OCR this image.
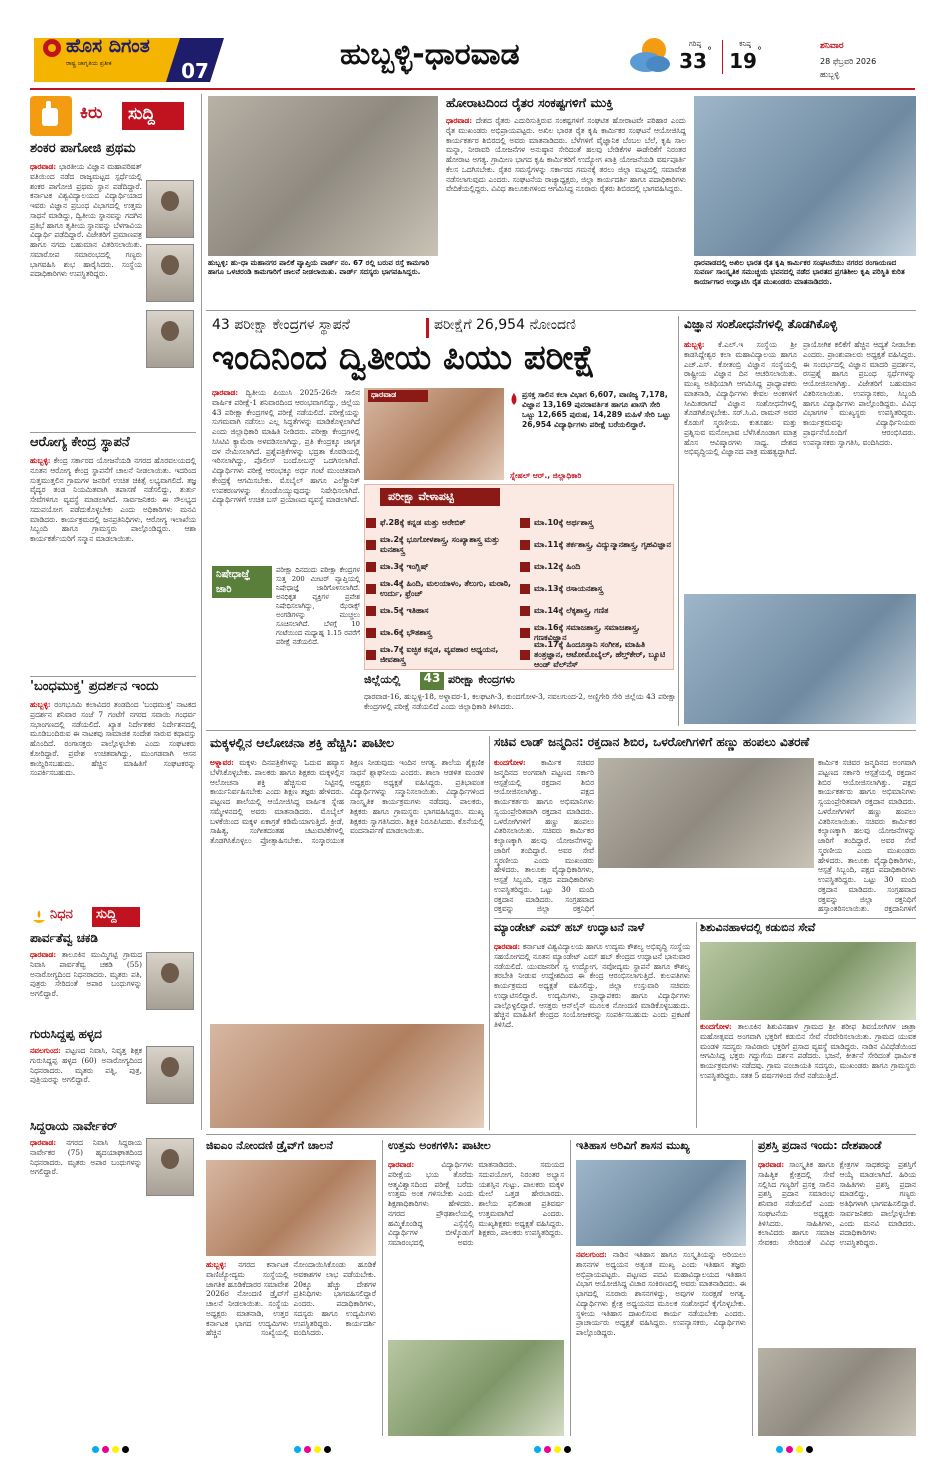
ಹೊಸ ದಿಗಂತ
ರಾಷ್ಟ್ರ ಜಾಗೃತಿಯ ಪ್ರತೀಕ	07	ಹುಬ್ಬಳ್ಳಿ-ಧಾರವಾಡ	ಗರಿಷ್ಠ
33 °
ಕನಿಷ್ಠ
19 °	ಶನಿವಾರ
28 ಫೆಬ್ರವರಿ 2026
ಹುಬ್ಬಳ್ಳಿ
ಕಿರು	ಸುದ್ದಿ
ಶಂಕರ ಪಾಗೋಜಿ ಪ್ರಥಮ
ಧಾರವಾಡ: ಭಾರತೀಯ ವಿಜ್ಞಾನ ಮಹಾಪರಿಷತ್ ವತಿಯಿಂದ ನಡೆದ ರಾಜ್ಯಮಟ್ಟದ ಸ್ಪರ್ಧೆಯಲ್ಲಿ ಶಂಕರ ಪಾಗೋಜಿ ಪ್ರಥಮ ಸ್ಥಾನ ಪಡೆದಿದ್ದಾರೆ. ಕರ್ನಾಟಕ ವಿಶ್ವವಿದ್ಯಾಲಯದ ವಿದ್ಯಾರ್ಥಿಯಾದ ಇವರು ವಿಜ್ಞಾನ ಪ್ರಬಂಧ ವಿಭಾಗದಲ್ಲಿ ಉತ್ತಮ ಸಾಧನೆ ಮಾಡಿದ್ದು, ದ್ವಿತೀಯ ಸ್ಥಾನವನ್ನು ಗದಗಿನ ಪ್ರತಿಭೆ ಹಾಗೂ ತೃತೀಯ ಸ್ಥಾನವನ್ನು ಬೆಳಗಾವಿಯ ವಿದ್ಯಾರ್ಥಿ ಪಡೆದಿದ್ದಾರೆ. ವಿಜೇತರಿಗೆ ಪ್ರಮಾಣಪತ್ರ ಹಾಗೂ ನಗದು ಬಹುಮಾನ ವಿತರಿಸಲಾಯಿತು. ಸಮಾರೋಪ ಸಮಾರಂಭದಲ್ಲಿ ಗಣ್ಯರು ಭಾಗವಹಿಸಿ ಶುಭ ಹಾರೈಸಿದರು. ಸಂಸ್ಥೆಯ ಪದಾಧಿಕಾರಿಗಳು ಉಪಸ್ಥಿತರಿದ್ದರು.
ಆರೋಗ್ಯ ಕೇಂದ್ರ ಸ್ಥಾಪನೆ
ಹುಬ್ಬಳ್ಳಿ: ಕೇಂದ್ರ ಸರ್ಕಾರದ ಯೋಜನೆಯಡಿ ನಗರದ ಹೊರವಲಯದಲ್ಲಿ ನೂತನ ಆರೋಗ್ಯ ಕೇಂದ್ರ ಸ್ಥಾಪನೆಗೆ ಚಾಲನೆ ನೀಡಲಾಯಿತು. ಇದರಿಂದ ಸುತ್ತಮುತ್ತಲಿನ ಗ್ರಾಮಗಳ ಜನರಿಗೆ ಉಚಿತ ಚಿಕಿತ್ಸೆ ಲಭ್ಯವಾಗಲಿದೆ. ತಜ್ಞ ವೈದ್ಯರ ತಂಡ ನಿಯಮಿತವಾಗಿ ತಪಾಸಣೆ ನಡೆಸಲಿದ್ದು, ತುರ್ತು ಸೇವೆಗಳಿಗೂ ವ್ಯವಸ್ಥೆ ಮಾಡಲಾಗಿದೆ. ಸಾರ್ವಜನಿಕರು ಈ ಸೌಲಭ್ಯದ ಸದುಪಯೋಗ ಪಡೆದುಕೊಳ್ಳಬೇಕು ಎಂದು ಅಧಿಕಾರಿಗಳು ಮನವಿ ಮಾಡಿದರು. ಕಾರ್ಯಕ್ರಮದಲ್ಲಿ ಜನಪ್ರತಿನಿಧಿಗಳು, ಆರೋಗ್ಯ ಇಲಾಖೆಯ ಸಿಬ್ಬಂದಿ ಹಾಗೂ ಗ್ರಾಮಸ್ಥರು ಪಾಲ್ಗೊಂಡಿದ್ದರು. ಆಶಾ ಕಾರ್ಯಕರ್ತೆಯರಿಗೆ ಸನ್ಮಾನ ಮಾಡಲಾಯಿತು.
'ಬಂಧಮುಕ್ತ' ಪ್ರದರ್ಶನ ಇಂದು
ಹುಬ್ಬಳ್ಳಿ: ರಂಗಭೂಮಿ ಕಲಾವಿದರ ತಂಡದಿಂದ 'ಬಂಧಮುಕ್ತ' ನಾಟಕದ ಪ್ರದರ್ಶನ ಶನಿವಾರ ಸಂಜೆ 7 ಗಂಟೆಗೆ ನಗರದ ಸವಾಯಿ ಗಂಧರ್ವ ಸಭಾಂಗಣದಲ್ಲಿ ನಡೆಯಲಿದೆ. ಖ್ಯಾತ ನಿರ್ದೇಶಕರ ನಿರ್ದೇಶನದಲ್ಲಿ ಮೂಡಿಬಂದಿರುವ ಈ ನಾಟಕವು ಸಾಮಾಜಿಕ ಸಂದೇಶ ಸಾರುವ ಕಥಾವಸ್ತು ಹೊಂದಿದೆ. ರಂಗಾಸಕ್ತರು ಪಾಲ್ಗೊಳ್ಳಬೇಕು ಎಂದು ಸಂಘಟಕರು ಕೋರಿದ್ದಾರೆ. ಪ್ರವೇಶ ಉಚಿತವಾಗಿದ್ದು, ಮುಂಗಡವಾಗಿ ಆಸನ ಕಾಯ್ದಿರಿಸಬಹುದು. ಹೆಚ್ಚಿನ ಮಾಹಿತಿಗೆ ಸಂಘಟಕರನ್ನು ಸಂಪರ್ಕಿಸಬಹುದು.
ನಿಧನ	ಸುದ್ದಿ
ಪಾರ್ವತೆವ್ವ ಚಕಡಿ
ಧಾರವಾಡ: ತಾಲೂಕಿನ ಮುಮ್ಮಿಗಟ್ಟಿ ಗ್ರಾಮದ ನಿವಾಸಿ ಪಾರ್ವತೆವ್ವ ಚಕಡಿ (55) ಅನಾರೋಗ್ಯದಿಂದ ನಿಧನರಾದರು. ಮೃತರು ಪತಿ, ಪುತ್ರರು ಸೇರಿದಂತೆ ಅಪಾರ ಬಂಧುಗಳನ್ನು ಅಗಲಿದ್ದಾರೆ.
ಗುರುಸಿದ್ದಪ್ಪ ಹಳ್ಳದ
ನವಲಗುಂದ: ಪಟ್ಟಣದ ನಿವಾಸಿ, ನಿವೃತ್ತ ಶಿಕ್ಷಕ ಗುರುಸಿದ್ದಪ್ಪ ಹಳ್ಳದ (60) ಅನಾರೋಗ್ಯದಿಂದ ನಿಧನರಾದರು. ಮೃತರು ಪತ್ನಿ, ಪುತ್ರ, ಪುತ್ರಿಯರನ್ನು ಅಗಲಿದ್ದಾರೆ.
ಸಿದ್ದರಾಯ ನಾರ್ವೇಕರ್
ಧಾರವಾಡ: ನಗರದ ನಿವಾಸಿ ಸಿದ್ದರಾಯ ನಾರ್ವೇಕರ (75) ಹೃದಯಾಘಾತದಿಂದ ನಿಧನರಾದರು. ಮೃತರು ಅಪಾರ ಬಂಧುಗಳನ್ನು ಅಗಲಿದ್ದಾರೆ.
ಹುಬ್ಬಳ್ಳಿ: ಹು-ಧಾ ಮಹಾನಗರ ಪಾಲಿಕೆ ವ್ಯಾಪ್ತಿಯ ವಾರ್ಡ್ ನಂ. 67 ರಲ್ಲಿ ಬರುವ ರಸ್ತೆ ಕಾಮಗಾರಿ ಹಾಗೂ ಒಳಚರಂಡಿ ಕಾಮಗಾರಿಗೆ ಚಾಲನೆ ನೀಡಲಾಯಿತು. ವಾರ್ಡ್ ಸದಸ್ಯರು ಭಾಗವಹಿಸಿದ್ದರು.
ಹೋರಾಟದಿಂದ ರೈತರ ಸಂಕಷ್ಟಗಳಿಗೆ ಮುಕ್ತಿ
ಧಾರವಾಡ: ದೇಶದ ರೈತರು ಎದುರಿಸುತ್ತಿರುವ ಸಂಕಷ್ಟಗಳಿಗೆ ಸಂಘಟಿತ ಹೋರಾಟವೇ ಪರಿಹಾರ ಎಂದು ರೈತ ಮುಖಂಡರು ಅಭಿಪ್ರಾಯಪಟ್ಟರು. ಅಖಿಲ ಭಾರತ ರೈತ ಕೃಷಿ ಕಾರ್ಮಿಕರ ಸಂಘಟನೆ ಆಯೋಜಿಸಿದ್ದ ಕಾರ್ಯಕರ್ತರ ಶಿಬಿರದಲ್ಲಿ ಅವರು ಮಾತನಾಡಿದರು. ಬೆಳೆಗಳಿಗೆ ವೈಜ್ಞಾನಿಕ ಬೆಂಬಲ ಬೆಲೆ, ಕೃಷಿ ಸಾಲ ಮನ್ನಾ, ನೀರಾವರಿ ಯೋಜನೆಗಳ ಅನುಷ್ಠಾನ ಸೇರಿದಂತೆ ಹಲವು ಬೇಡಿಕೆಗಳ ಈಡೇರಿಕೆಗೆ ನಿರಂತರ ಹೋರಾಟ ಅಗತ್ಯ. ಗ್ರಾಮೀಣ ಭಾಗದ ಕೃಷಿ ಕಾರ್ಮಿಕರಿಗೆ ಉದ್ಯೋಗ ಖಾತ್ರಿ ಯೋಜನೆಯಡಿ ವರ್ಷಪೂರ್ತಿ ಕೆಲಸ ಒದಗಿಸಬೇಕು. ರೈತರ ಸಮಸ್ಯೆಗಳನ್ನು ಸರ್ಕಾರದ ಗಮನಕ್ಕೆ ತರಲು ಜಿಲ್ಲಾ ಮಟ್ಟದಲ್ಲಿ ಸಮಾವೇಶ ನಡೆಸಲಾಗುವುದು ಎಂದರು. ಸಂಘಟನೆಯ ರಾಜ್ಯಾಧ್ಯಕ್ಷರು, ಜಿಲ್ಲಾ ಕಾರ್ಯದರ್ಶಿ ಹಾಗೂ ಪದಾಧಿಕಾರಿಗಳು ವೇದಿಕೆಯಲ್ಲಿದ್ದರು. ವಿವಿಧ ತಾಲೂಕುಗಳಿಂದ ಆಗಮಿಸಿದ್ದ ನೂರಾರು ರೈತರು ಶಿಬಿರದಲ್ಲಿ ಭಾಗವಹಿಸಿದ್ದರು.
ಧಾರವಾಡದಲ್ಲಿ ಅಖಿಲ ಭಾರತ ರೈತ ಕೃಷಿ ಕಾರ್ಮಿಕರ ಸಂಘಟನೆಯು ನಗರದ ರಂಗಾಯಣದ ಸುವರ್ಣ ಸಾಂಸ್ಕೃತಿಕ ಸಮುಚ್ಚಯ ಭವನದಲ್ಲಿ ನಡೆದ ಭಾರತದ ಪ್ರಗತಿಶೀಲ ಕೃಷಿ ಪರಿಸ್ಥಿತಿ ಕುರಿತ ಕಾರ್ಯಾಗಾರ ಉದ್ಘಾಟಿಸಿ ರೈತ ಮುಖಂಡರು ಮಾತನಾಡಿದರು.
43 ಪರೀಕ್ಷಾ ಕೇಂದ್ರಗಳ ಸ್ಥಾಪನೆ	ಪರೀಕ್ಷೆಗೆ 26,954 ನೋಂದಣಿ
ಇಂದಿನಿಂದ ದ್ವಿತೀಯ ಪಿಯು ಪರೀಕ್ಷೆ
ಧಾರವಾಡ: ದ್ವಿತೀಯ ಪಿಯುಸಿ 2025-26ನೇ ಸಾಲಿನ ವಾರ್ಷಿಕ ಪರೀಕ್ಷೆ-1 ಶನಿವಾರದಿಂದ ಆರಂಭವಾಗಲಿದ್ದು, ಜಿಲ್ಲೆಯ 43 ಪರೀಕ್ಷಾ ಕೇಂದ್ರಗಳಲ್ಲಿ ಪರೀಕ್ಷೆ ನಡೆಯಲಿದೆ. ಪರೀಕ್ಷೆಯನ್ನು ಸುಗಮವಾಗಿ ನಡೆಸಲು ಎಲ್ಲ ಸಿದ್ಧತೆಗಳನ್ನು ಮಾಡಿಕೊಳ್ಳಲಾಗಿದೆ ಎಂದು ಜಿಲ್ಲಾಧಿಕಾರಿ ಮಾಹಿತಿ ನೀಡಿದರು. ಪರೀಕ್ಷಾ ಕೇಂದ್ರಗಳಲ್ಲಿ ಸಿಸಿಟಿವಿ ಕ್ಯಾಮೆರಾ ಅಳವಡಿಸಲಾಗಿದ್ದು, ಪ್ರತಿ ಕೇಂದ್ರಕ್ಕೂ ಜಾಗೃತ ದಳ ನೇಮಿಸಲಾಗಿದೆ. ಪ್ರಶ್ನೆಪತ್ರಿಕೆಗಳನ್ನು ಭದ್ರತಾ ಕೊಠಡಿಯಲ್ಲಿ ಇರಿಸಲಾಗಿದ್ದು, ಪೊಲೀಸ್ ಬಂದೋಬಸ್ತ್ ಒದಗಿಸಲಾಗಿದೆ. ವಿದ್ಯಾರ್ಥಿಗಳು ಪರೀಕ್ಷೆ ಆರಂಭಕ್ಕೂ ಅರ್ಧ ಗಂಟೆ ಮುಂಚಿತವಾಗಿ ಕೇಂದ್ರಕ್ಕೆ ಆಗಮಿಸಬೇಕು. ಮೊಬೈಲ್ ಹಾಗೂ ಎಲೆಕ್ಟ್ರಾನಿಕ್ ಉಪಕರಣಗಳನ್ನು ಕೊಂಡೊಯ್ಯುವುದನ್ನು ನಿಷೇಧಿಸಲಾಗಿದೆ. ವಿದ್ಯಾರ್ಥಿಗಳಿಗೆ ಉಚಿತ ಬಸ್ ಪ್ರಯಾಣದ ವ್ಯವಸ್ಥೆ ಮಾಡಲಾಗಿದೆ.
ಧಾರವಾಡ	ಪ್ರಸಕ್ತ ಸಾಲಿನ ಕಲಾ ವಿಭಾಗ 6,607, ವಾಣಿಜ್ಯ 7,178, ವಿಜ್ಞಾನ 13,169 ಪುನರಾವರ್ತಿತ ಹಾಗೂ ಖಾಸಗಿ ಸೇರಿ ಒಟ್ಟು 12,665 ಪುರುಷ, 14,289 ಮಹಿಳೆ ಸೇರಿ ಒಟ್ಟು 26,954 ವಿದ್ಯಾರ್ಥಿಗಳು ಪರೀಕ್ಷೆ ಬರೆಯಲಿದ್ದಾರೆ.
ಸ್ನೇಹಲ್ ಆರ್., ಜಿಲ್ಲಾಧಿಕಾರಿ
ಪರೀಕ್ಷಾ ವೇಳಾಪಟ್ಟಿ
ಫೆ.28ಕ್ಕೆ ಕನ್ನಡ ಮತ್ತು ಅರೇಬಿಕ್
ಮಾ.2ಕ್ಕೆ ಭೂಗೋಳಶಾಸ್ತ್ರ, ಸಂಖ್ಯಾಶಾಸ್ತ್ರ ಮತ್ತು ಮನಶಾಸ್ತ್ರ
ಮಾ.3ಕ್ಕೆ ಇಂಗ್ಲಿಷ್
ಮಾ.4ಕ್ಕೆ ಹಿಂದಿ, ಮಲಯಾಳಂ, ತೆಲುಗು, ಮರಾಠಿ, ಉರ್ದು, ಫ್ರೆಂಚ್
ಮಾ.5ಕ್ಕೆ ಇತಿಹಾಸ
ಮಾ.6ಕ್ಕೆ ಭೌತಶಾಸ್ತ್ರ
ಮಾ.7ಕ್ಕೆ ಐಚ್ಛಿಕ ಕನ್ನಡ, ವ್ಯವಹಾರ ಅಧ್ಯಯನ, ಜೀವಶಾಸ್ತ್ರ
ಮಾ.10ಕ್ಕೆ ಅರ್ಥಶಾಸ್ತ್ರ
ಮಾ.11ಕ್ಕೆ ತರ್ಕಶಾಸ್ತ್ರ, ವಿದ್ಯುನ್ಮಾನಶಾಸ್ತ್ರ, ಗೃಹವಿಜ್ಞಾನ
ಮಾ.12ಕ್ಕೆ ಹಿಂದಿ
ಮಾ.13ಕ್ಕೆ ರಸಾಯನಶಾಸ್ತ್ರ
ಮಾ.14ಕ್ಕೆ ಲೆಕ್ಕಶಾಸ್ತ್ರ, ಗಣಿತ
ಮಾ.16ಕ್ಕೆ ಸಮಾಜಶಾಸ್ತ್ರ, ಸಮಾಜಶಾಸ್ತ್ರ, ಗಣಕವಿಜ್ಞಾನ
ಮಾ.17ಕ್ಕೆ ಹಿಂದೂಸ್ತಾನಿ ಸಂಗೀತ, ಮಾಹಿತಿ ತಂತ್ರಜ್ಞಾನ, ಆಟೋಮೊಬೈಲ್, ಹೆಲ್ತ್‌ಕೇರ್, ಬ್ಯೂಟಿ ಆಂಡ್ ವೆಲ್‌ನೆಸ್
ನಿಷೇಧಾಜ್ಞೆ
ಜಾರಿ
ಪರೀಕ್ಷಾ ದಿನದಂದು ಪರೀಕ್ಷಾ ಕೇಂದ್ರಗಳ ಸುತ್ತ 200 ಮೀಟರ್ ವ್ಯಾಪ್ತಿಯಲ್ಲಿ ನಿಷೇಧಾಜ್ಞೆ ಜಾರಿಗೊಳಿಸಲಾಗಿದೆ. ಅನಧಿಕೃತ ವ್ಯಕ್ತಿಗಳ ಪ್ರವೇಶ ನಿಷೇಧಿಸಲಾಗಿದ್ದು, ಝೆರಾಕ್ಸ್ ಅಂಗಡಿಗಳನ್ನು ಮುಚ್ಚಲು ಸೂಚಿಸಲಾಗಿದೆ. ಬೆಳಗ್ಗೆ 10 ಗಂಟೆಯಿಂದ ಮಧ್ಯಾಹ್ನ 1.15 ರವರೆಗೆ ಪರೀಕ್ಷೆ ನಡೆಯಲಿದೆ.
ಜಿಲ್ಲೆಯಲ್ಲಿ	43 ಪರೀಕ್ಷಾ ಕೇಂದ್ರಗಳು
ಧಾರವಾಡ-16, ಹುಬ್ಬಳ್ಳಿ-18, ಅಳ್ನಾವರ-1, ಕಲಘಟಗಿ-3, ಕುಂದಗೋಳ-3, ನವಲಗುಂದ-2, ಅಣ್ಣಿಗೇರಿ ಸೇರಿ ಜಿಲ್ಲೆಯ 43 ಪರೀಕ್ಷಾ ಕೇಂದ್ರಗಳಲ್ಲಿ ಪರೀಕ್ಷೆ ನಡೆಯಲಿದೆ ಎಂದು ಜಿಲ್ಲಾಧಿಕಾರಿ ತಿಳಿಸಿದರು.
ವಿಜ್ಞಾನ ಸಂಶೋಧನೆಗಳಲ್ಲಿ ತೊಡಗಿಕೊಳ್ಳಿ
ಹುಬ್ಬಳ್ಳಿ: ಕೆ.ಎಲ್.ಇ ಸಂಸ್ಥೆಯ ಶ್ರೀ ಕಾಡಸಿದ್ದೇಶ್ವರ ಕಲಾ ಮಹಾವಿದ್ಯಾಲಯ ಹಾಗೂ ಎಚ್.ಎಸ್. ಕೋತಂಬ್ರಿ ವಿಜ್ಞಾನ ಸಂಸ್ಥೆಯಲ್ಲಿ ರಾಷ್ಟ್ರೀಯ ವಿಜ್ಞಾನ ದಿನ ಆಚರಿಸಲಾಯಿತು. ಮುಖ್ಯ ಅತಿಥಿಯಾಗಿ ಆಗಮಿಸಿದ್ದ ಪ್ರಾಧ್ಯಾಪಕರು ಮಾತನಾಡಿ, ವಿದ್ಯಾರ್ಥಿಗಳು ಕೇವಲ ಅಂಕಗಳಿಗೆ ಸೀಮಿತರಾಗದೆ ವಿಜ್ಞಾನ ಸಂಶೋಧನೆಗಳಲ್ಲಿ ತೊಡಗಿಕೊಳ್ಳಬೇಕು. ಸರ್.ಸಿ.ವಿ. ರಾಮನ್ ಅವರ ಕೊಡುಗೆ ಸ್ಮರಣೀಯ. ಕುತೂಹಲ ಮತ್ತು ಪ್ರಶ್ನಿಸುವ ಮನೋಭಾವ ಬೆಳೆಸಿಕೊಂಡಾಗ ಮಾತ್ರ ಹೊಸ ಆವಿಷ್ಕಾರಗಳು ಸಾಧ್ಯ. ದೇಶದ ಅಭಿವೃದ್ಧಿಯಲ್ಲಿ ವಿಜ್ಞಾನದ ಪಾತ್ರ ಮಹತ್ವದ್ದಾಗಿದೆ. ಪ್ರಾಯೋಗಿಕ ಕಲಿಕೆಗೆ ಹೆಚ್ಚಿನ ಆದ್ಯತೆ ನೀಡಬೇಕು ಎಂದರು. ಪ್ರಾಂಶುಪಾಲರು ಅಧ್ಯಕ್ಷತೆ ವಹಿಸಿದ್ದರು. ಈ ಸಂದರ್ಭದಲ್ಲಿ ವಿಜ್ಞಾನ ಮಾದರಿ ಪ್ರದರ್ಶನ, ರಸಪ್ರಶ್ನೆ ಹಾಗೂ ಪ್ರಬಂಧ ಸ್ಪರ್ಧೆಗಳನ್ನು ಆಯೋಜಿಸಲಾಗಿತ್ತು. ವಿಜೇತರಿಗೆ ಬಹುಮಾನ ವಿತರಿಸಲಾಯಿತು. ಉಪನ್ಯಾಸಕರು, ಸಿಬ್ಬಂದಿ ಹಾಗೂ ವಿದ್ಯಾರ್ಥಿಗಳು ಪಾಲ್ಗೊಂಡಿದ್ದರು. ವಿವಿಧ ವಿಭಾಗಗಳ ಮುಖ್ಯಸ್ಥರು ಉಪಸ್ಥಿತರಿದ್ದರು. ಕಾರ್ಯಕ್ರಮವನ್ನು ವಿದ್ಯಾರ್ಥಿನಿಯರು ಪ್ರಾರ್ಥನೆಯೊಂದಿಗೆ ಆರಂಭಿಸಿದರು. ಉಪನ್ಯಾಸಕರು ಸ್ವಾಗತಿಸಿ, ವಂದಿಸಿದರು.
ಮಕ್ಕಳಲ್ಲಿನ ಆಲೋಚನಾ ಶಕ್ತಿ ಹೆಚ್ಚಿಸಿ: ಪಾಟೀಲ
ಅಳ್ನಾವರ: ಮಕ್ಕಳು ದಿನಪತ್ರಿಕೆಗಳನ್ನು ಓದುವ ಹವ್ಯಾಸ ಬೆಳೆಸಿಕೊಳ್ಳಬೇಕು. ಪಾಲಕರು ಹಾಗೂ ಶಿಕ್ಷಕರು ಮಕ್ಕಳಲ್ಲಿನ ಆಲೋಚನಾ ಶಕ್ತಿ ಹೆಚ್ಚಿಸುವ ನಿಟ್ಟಿನಲ್ಲಿ ಕಾರ್ಯನಿರ್ವಹಿಸಬೇಕು ಎಂದು ಶಿಕ್ಷಣ ತಜ್ಞರು ಹೇಳಿದರು. ಪಟ್ಟಣದ ಶಾಲೆಯಲ್ಲಿ ಆಯೋಜಿಸಿದ್ದ ವಾರ್ಷಿಕ ಸ್ನೇಹ ಸಮ್ಮೇಳನದಲ್ಲಿ ಅವರು ಮಾತನಾಡಿದರು. ಮೊಬೈಲ್ ಬಳಕೆಯಿಂದ ಮಕ್ಕಳ ಏಕಾಗ್ರತೆ ಕಡಿಮೆಯಾಗುತ್ತಿದೆ. ಕ್ರೀಡೆ, ಸಾಹಿತ್ಯ, ಸಂಗೀತದಂತಹ ಚಟುವಟಿಕೆಗಳಲ್ಲಿ ತೊಡಗಿಸಿಕೊಳ್ಳಲು ಪ್ರೋತ್ಸಾಹಿಸಬೇಕು. ಸಂಸ್ಕಾರಯುತ ಶಿಕ್ಷಣ ನೀಡುವುದು ಇಂದಿನ ಅಗತ್ಯ. ಶಾಲೆಯ ಶೈಕ್ಷಣಿಕ ಸಾಧನೆ ಶ್ಲಾಘನೀಯ ಎಂದರು. ಶಾಲಾ ಆಡಳಿತ ಮಂಡಳಿ ಅಧ್ಯಕ್ಷರು ಅಧ್ಯಕ್ಷತೆ ವಹಿಸಿದ್ದರು. ಪ್ರತಿಭಾವಂತ ವಿದ್ಯಾರ್ಥಿಗಳನ್ನು ಸನ್ಮಾನಿಸಲಾಯಿತು. ವಿದ್ಯಾರ್ಥಿಗಳಿಂದ ಸಾಂಸ್ಕೃತಿಕ ಕಾರ್ಯಕ್ರಮಗಳು ನಡೆದವು. ಪಾಲಕರು, ಶಿಕ್ಷಕರು ಹಾಗೂ ಗ್ರಾಮಸ್ಥರು ಭಾಗವಹಿಸಿದ್ದರು. ಮುಖ್ಯ ಶಿಕ್ಷಕರು ಸ್ವಾಗತಿಸಿದರು. ಶಿಕ್ಷಕಿ ನಿರೂಪಿಸಿದರು. ಕೊನೆಯಲ್ಲಿ ವಂದನಾರ್ಪಣೆ ಮಾಡಲಾಯಿತು.
ಸಚಿವ ಲಾಡ್ ಜನ್ಮದಿನ: ರಕ್ತದಾನ ಶಿಬಿರ, ಒಳರೋಗಿಗಳಿಗೆ ಹಣ್ಣು ಹಂಪಲು ವಿತರಣೆ
ಕುಂದಗೋಳ: ಕಾರ್ಮಿಕ ಸಚಿವರ ಜನ್ಮದಿನದ ಅಂಗವಾಗಿ ಪಟ್ಟಣದ ಸರ್ಕಾರಿ ಆಸ್ಪತ್ರೆಯಲ್ಲಿ ರಕ್ತದಾನ ಶಿಬಿರ ಆಯೋಜಿಸಲಾಗಿತ್ತು. ಪಕ್ಷದ ಕಾರ್ಯಕರ್ತರು ಹಾಗೂ ಅಭಿಮಾನಿಗಳು ಸ್ವಯಂಪ್ರೇರಿತವಾಗಿ ರಕ್ತದಾನ ಮಾಡಿದರು. ಒಳರೋಗಿಗಳಿಗೆ ಹಣ್ಣು ಹಂಪಲು ವಿತರಿಸಲಾಯಿತು. ಸಚಿವರು ಕಾರ್ಮಿಕರ ಕಲ್ಯಾಣಕ್ಕಾಗಿ ಹಲವು ಯೋಜನೆಗಳನ್ನು ಜಾರಿಗೆ ತಂದಿದ್ದಾರೆ. ಅವರ ಸೇವೆ ಸ್ಮರಣೀಯ ಎಂದು ಮುಖಂಡರು ಹೇಳಿದರು. ತಾಲೂಕು ವೈದ್ಯಾಧಿಕಾರಿಗಳು, ಆಸ್ಪತ್ರೆ ಸಿಬ್ಬಂದಿ, ಪಕ್ಷದ ಪದಾಧಿಕಾರಿಗಳು ಉಪಸ್ಥಿತರಿದ್ದರು. ಒಟ್ಟು 30 ಮಂದಿ ರಕ್ತದಾನ ಮಾಡಿದರು. ಸಂಗ್ರಹವಾದ ರಕ್ತವನ್ನು ಜಿಲ್ಲಾ ರಕ್ತನಿಧಿಗೆ
ಕಾರ್ಮಿಕ ಸಚಿವರ ಜನ್ಮದಿನದ ಅಂಗವಾಗಿ ಪಟ್ಟಣದ ಸರ್ಕಾರಿ ಆಸ್ಪತ್ರೆಯಲ್ಲಿ ರಕ್ತದಾನ ಶಿಬಿರ ಆಯೋಜಿಸಲಾಗಿತ್ತು. ಪಕ್ಷದ ಕಾರ್ಯಕರ್ತರು ಹಾಗೂ ಅಭಿಮಾನಿಗಳು ಸ್ವಯಂಪ್ರೇರಿತವಾಗಿ ರಕ್ತದಾನ ಮಾಡಿದರು. ಒಳರೋಗಿಗಳಿಗೆ ಹಣ್ಣು ಹಂಪಲು ವಿತರಿಸಲಾಯಿತು. ಸಚಿವರು ಕಾರ್ಮಿಕರ ಕಲ್ಯಾಣಕ್ಕಾಗಿ ಹಲವು ಯೋಜನೆಗಳನ್ನು ಜಾರಿಗೆ ತಂದಿದ್ದಾರೆ. ಅವರ ಸೇವೆ ಸ್ಮರಣೀಯ ಎಂದು ಮುಖಂಡರು ಹೇಳಿದರು. ತಾಲೂಕು ವೈದ್ಯಾಧಿಕಾರಿಗಳು, ಆಸ್ಪತ್ರೆ ಸಿಬ್ಬಂದಿ, ಪಕ್ಷದ ಪದಾಧಿಕಾರಿಗಳು ಉಪಸ್ಥಿತರಿದ್ದರು. ಒಟ್ಟು 30 ಮಂದಿ ರಕ್ತದಾನ ಮಾಡಿದರು. ಸಂಗ್ರಹವಾದ ರಕ್ತವನ್ನು ಜಿಲ್ಲಾ ರಕ್ತನಿಧಿಗೆ ಹಸ್ತಾಂತರಿಸಲಾಯಿತು. ರಕ್ತದಾನಿಗಳಿಗೆ
ಮ್ಯಾಂಡೇಟ್ ಎಮ್ ಹಬ್ ಉದ್ಘಾಟನೆ ನಾಳೆ
ಧಾರವಾಡ: ಕರ್ನಾಟಕ ವಿಶ್ವವಿದ್ಯಾಲಯ ಹಾಗೂ ಉದ್ಯಮ ಕೌಶಲ್ಯ ಅಭಿವೃದ್ಧಿ ಸಂಸ್ಥೆಯ ಸಹಯೋಗದಲ್ಲಿ ನೂತನ ಮ್ಯಾಂಡೇಟ್ ಎಮ್ ಹಬ್ ಕೇಂದ್ರದ ಉದ್ಘಾಟನೆ ಭಾನುವಾರ ನಡೆಯಲಿದೆ. ಯುವಜನರಿಗೆ ಸ್ವ ಉದ್ಯೋಗ, ನವೋದ್ಯಮ ಸ್ಥಾಪನೆ ಹಾಗೂ ಕೌಶಲ್ಯ ತರಬೇತಿ ನೀಡುವ ಉದ್ದೇಶದಿಂದ ಈ ಕೇಂದ್ರ ಆರಂಭಿಸಲಾಗುತ್ತಿದೆ. ಕುಲಪತಿಗಳು ಕಾರ್ಯಕ್ರಮದ ಅಧ್ಯಕ್ಷತೆ ವಹಿಸಲಿದ್ದು, ಜಿಲ್ಲಾ ಉಸ್ತುವಾರಿ ಸಚಿವರು ಉದ್ಘಾಟಿಸಲಿದ್ದಾರೆ. ಉದ್ಯಮಿಗಳು, ಪ್ರಾಧ್ಯಾಪಕರು ಹಾಗೂ ವಿದ್ಯಾರ್ಥಿಗಳು ಪಾಲ್ಗೊಳ್ಳಲಿದ್ದಾರೆ. ಆಸಕ್ತರು ಆನ್‌ಲೈನ್ ಮೂಲಕ ನೋಂದಣಿ ಮಾಡಿಕೊಳ್ಳಬಹುದು. ಹೆಚ್ಚಿನ ಮಾಹಿತಿಗೆ ಕೇಂದ್ರದ ಸಂಯೋಜಕರನ್ನು ಸಂಪರ್ಕಿಸಬಹುದು ಎಂದು ಪ್ರಕಟಣೆ ತಿಳಿಸಿದೆ.
ಶಿಶುವಿನಹಾಳದಲ್ಲಿ ಕಡುಬಿನ ಸೇವೆ
ಕುಂದಗೋಳ: ತಾಲೂಕಿನ ಶಿಶುವಿನಹಾಳ ಗ್ರಾಮದ ಶ್ರೀ ಶರೀಫ ಶಿವಯೋಗಿಗಳ ಜಾತ್ರಾ ಮಹೋತ್ಸವದ ಅಂಗವಾಗಿ ಭಕ್ತರಿಗೆ ಕಡುಬಿನ ಸೇವೆ ನೆರವೇರಿಸಲಾಯಿತು. ಗ್ರಾಮದ ಯುವಕ ಮಂಡಳಿ ಸದಸ್ಯರು ಸಾವಿರಾರು ಭಕ್ತರಿಗೆ ಪ್ರಸಾದ ವ್ಯವಸ್ಥೆ ಮಾಡಿದ್ದರು. ನಾಡಿನ ವಿವಿಧೆಡೆಯಿಂದ ಆಗಮಿಸಿದ್ದ ಭಕ್ತರು ಗದ್ದುಗೆಯ ದರ್ಶನ ಪಡೆದರು. ಭಜನೆ, ಕೀರ್ತನೆ ಸೇರಿದಂತೆ ಧಾರ್ಮಿಕ ಕಾರ್ಯಕ್ರಮಗಳು ನಡೆದವು. ಗ್ರಾಮ ಪಂಚಾಯತಿ ಸದಸ್ಯರು, ಮುಖಂಡರು ಹಾಗೂ ಗ್ರಾಮಸ್ಥರು ಉಪಸ್ಥಿತರಿದ್ದರು. ಸತತ 5 ವರ್ಷಗಳಿಂದ ಸೇವೆ ನಡೆಯುತ್ತಿದೆ.
ಜಿಐಎಂ ನೋಂದಣಿ ಡ್ರೈವ್‌ಗೆ ಚಾಲನೆ
ಹುಬ್ಬಳ್ಳಿ: ನಗರದ ಕರ್ನಾಟಕ ವಾಣಿಜ್ಯೋದ್ಯಮ ಸಂಸ್ಥೆಯಲ್ಲಿ ಜಾಗತಿಕ ಹೂಡಿಕೆದಾರರ ಸಮಾವೇಶ 2026ರ ನೋಂದಣಿ ಡ್ರೈವ್‌ಗೆ ಚಾಲನೆ ನೀಡಲಾಯಿತು. ಸಂಸ್ಥೆಯ ಅಧ್ಯಕ್ಷರು ಮಾತನಾಡಿ, ಉತ್ತರ ಕರ್ನಾಟಕ ಭಾಗದ ಉದ್ಯಮಿಗಳು ಹೆಚ್ಚಿನ ಸಂಖ್ಯೆಯಲ್ಲಿ ನೋಂದಾಯಿಸಿಕೊಂಡು ಹೂಡಿಕೆ ಅವಕಾಶಗಳ ಲಾಭ ಪಡೆಯಬೇಕು. 20ಕ್ಕೂ ಹೆಚ್ಚು ದೇಶಗಳ ಪ್ರತಿನಿಧಿಗಳು ಭಾಗವಹಿಸಲಿದ್ದಾರೆ ಎಂದರು. ಪದಾಧಿಕಾರಿಗಳು, ಸದಸ್ಯರು ಹಾಗೂ ಉದ್ಯಮಿಗಳು ಉಪಸ್ಥಿತರಿದ್ದರು. ಕಾರ್ಯದರ್ಶಿ ವಂದಿಸಿದರು.
ಉತ್ತಮ ಅಂಕಗಳಿಸಿ: ಪಾಟೀಲ
ಧಾರವಾಡ:	ವಿದ್ಯಾರ್ಥಿಗಳು ಪರೀಕ್ಷೆಯ ಭಯ ತೊರೆದು ಆತ್ಮವಿಶ್ವಾಸದಿಂದ ಪರೀಕ್ಷೆ ಬರೆದು ಉತ್ತಮ ಅಂಕ ಗಳಿಸಬೇಕು ಎಂದು ಶಿಕ್ಷಣಾಧಿಕಾರಿಗಳು ಹೇಳಿದರು. ನಗರದ ಪ್ರೌಢಶಾಲೆಯಲ್ಲಿ ಹಮ್ಮಿಕೊಂಡಿದ್ದ ಎಸ್ಸೆಸ್ಸೆಲ್ಸಿ ವಿದ್ಯಾರ್ಥಿಗಳ ಬೀಳ್ಕೊಡುಗೆ ಸಮಾರಂಭದಲ್ಲಿ ಅವರು ಮಾತನಾಡಿದರು. ಸಮಯದ ಸದುಪಯೋಗ, ನಿರಂತರ ಅಭ್ಯಾಸ ಯಶಸ್ಸಿನ ಗುಟ್ಟು. ಪಾಲಕರು ಮಕ್ಕಳ ಮೇಲೆ ಒತ್ತಡ ಹೇರಬಾರದು. ಶಾಲೆಯ ಫಲಿತಾಂಶ ಪ್ರತಿವರ್ಷ ಉತ್ತಮವಾಗಿದೆ ಎಂದರು. ಮುಖ್ಯಶಿಕ್ಷಕರು ಅಧ್ಯಕ್ಷತೆ ವಹಿಸಿದ್ದರು. ಶಿಕ್ಷಕರು, ಪಾಲಕರು ಉಪಸ್ಥಿತರಿದ್ದರು.
ಇತಿಹಾಸ ಅರಿವಿಗೆ ಶಾಸನ ಮುಖ್ಯ
ನವಲಗುಂದ: ನಾಡಿನ ಇತಿಹಾಸ ಹಾಗೂ ಸಂಸ್ಕೃತಿಯನ್ನು ಅರಿಯಲು ಶಾಸನಗಳ ಅಧ್ಯಯನ ಅತ್ಯಂತ ಮುಖ್ಯ ಎಂದು ಇತಿಹಾಸ ತಜ್ಞರು ಅಭಿಪ್ರಾಯಪಟ್ಟರು. ಪಟ್ಟಣದ ಪದವಿ ಮಹಾವಿದ್ಯಾಲಯದ ಇತಿಹಾಸ ವಿಭಾಗ ಆಯೋಜಿಸಿದ್ದ ವಿಚಾರ ಸಂಕಿರಣದಲ್ಲಿ ಅವರು ಮಾತನಾಡಿದರು. ಈ ಭಾಗದಲ್ಲಿ ನೂರಾರು ಶಾಸನಗಳಿದ್ದು, ಅವುಗಳ ಸಂರಕ್ಷಣೆ ಅಗತ್ಯ. ವಿದ್ಯಾರ್ಥಿಗಳು ಕ್ಷೇತ್ರ ಅಧ್ಯಯನದ ಮೂಲಕ ಸಂಶೋಧನೆ ಕೈಗೊಳ್ಳಬೇಕು. ಸ್ಥಳೀಯ ಇತಿಹಾಸ ದಾಖಲಿಸುವ ಕಾರ್ಯ ನಡೆಯಬೇಕು ಎಂದರು. ಪ್ರಾಚಾರ್ಯರು ಅಧ್ಯಕ್ಷತೆ ವಹಿಸಿದ್ದರು. ಉಪನ್ಯಾಸಕರು, ವಿದ್ಯಾರ್ಥಿಗಳು ಪಾಲ್ಗೊಂಡಿದ್ದರು.
ಪ್ರಶಸ್ತಿ ಪ್ರದಾನ ಇಂದು: ದೇಶಪಾಂಡೆ
ಧಾರವಾಡ: ಸಾಂಸ್ಕೃತಿಕ ಹಾಗೂ ಸಾಹಿತ್ಯಿಕ ಕ್ಷೇತ್ರದಲ್ಲಿ ಸೇವೆ ಸಲ್ಲಿಸಿದ ಗಣ್ಯರಿಗೆ ಪ್ರಸಕ್ತ ಸಾಲಿನ ಪ್ರಶಸ್ತಿ ಪ್ರದಾನ ಸಮಾರಂಭ ಶನಿವಾರ ನಡೆಯಲಿದೆ ಎಂದು ಸಂಘಟನೆಯ ಅಧ್ಯಕ್ಷರು ತಿಳಿಸಿದರು. ಸಾಹಿತಿಗಳು, ಕಲಾವಿದರು ಹಾಗೂ ಸಮಾಜ ಸೇವಕರು ಸೇರಿದಂತೆ ವಿವಿಧ ಕ್ಷೇತ್ರಗಳ ಸಾಧಕರನ್ನು ಪ್ರಶಸ್ತಿಗೆ ಆಯ್ಕೆ ಮಾಡಲಾಗಿದೆ. ಹಿರಿಯ ಸಾಹಿತಿಗಳು ಪ್ರಶಸ್ತಿ ಪ್ರದಾನ ಮಾಡಲಿದ್ದು, ಗಣ್ಯರು ಅತಿಥಿಗಳಾಗಿ ಭಾಗವಹಿಸಲಿದ್ದಾರೆ. ಸಾರ್ವಜನಿಕರು ಪಾಲ್ಗೊಳ್ಳಬೇಕು ಎಂದು ಮನವಿ ಮಾಡಿದರು. ಪದಾಧಿಕಾರಿಗಳು ಉಪಸ್ಥಿತರಿದ್ದರು.
